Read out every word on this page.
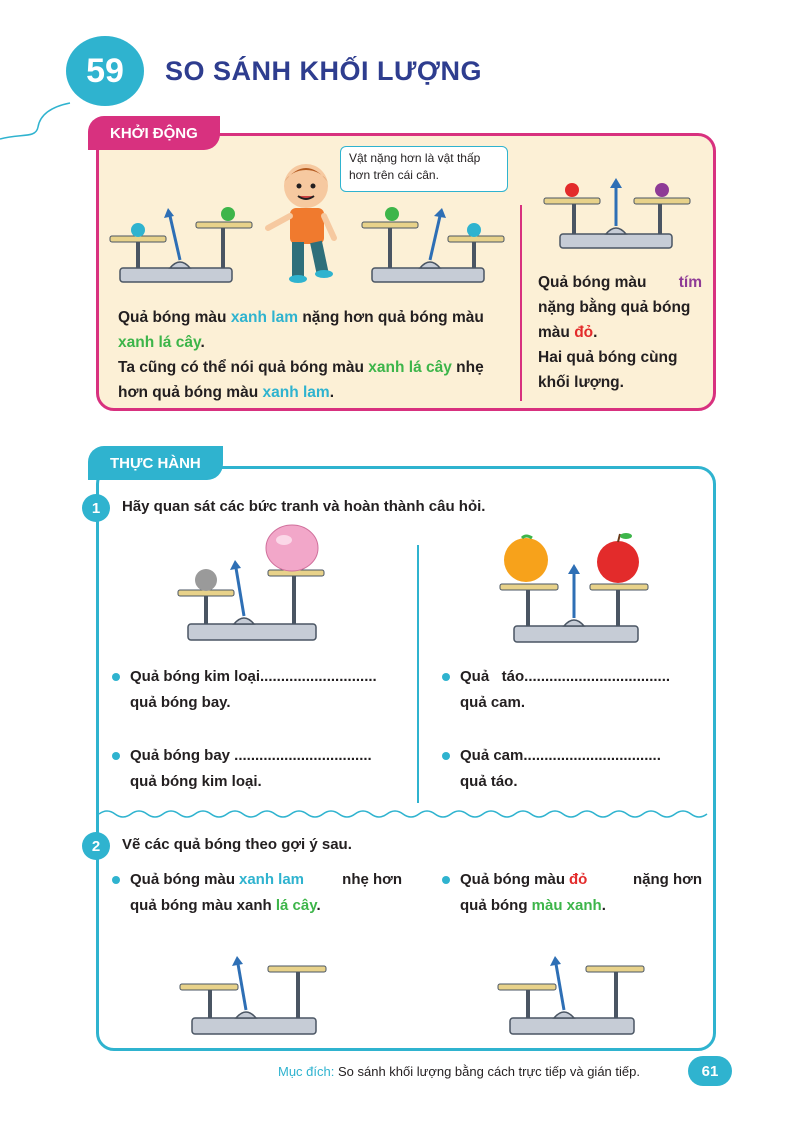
59	SO SÁNH KHỐI LƯỢNG
KHỞI ĐỘNG
Vật nặng hơn là vật thấp hơn trên cái cân.
Quả bóng màu xanh lam nặng hơn quả bóng màu
xanh lá cây.
Ta cũng có thể nói quả bóng màu xanh lá cây nhẹ
hơn quả bóng màu xanh lam.
Quả bóng màu tím
nặng bằng quả bóng
màu đỏ.
Hai quả bóng cùng
khối lượng.
THỰC HÀNH
1	Hãy quan sát các bức tranh và hoàn thành câu hỏi.
Quả bóng kim loại............................
quả bóng bay.
Quả bóng bay .................................
quả bóng kim loại.
Quả   táo...................................
quả cam.
Quả cam.................................
quả táo.
2	Vẽ các quả bóng theo gợi ý sau.
Quả bóng màu xanh lam	nhẹ hơn
quả bóng màu xanh lá cây.
Quả bóng màu đỏ	nặng hơn
quả bóng màu xanh.
Mục đích: So sánh khối lượng bằng cách trực tiếp và gián tiếp.	61
